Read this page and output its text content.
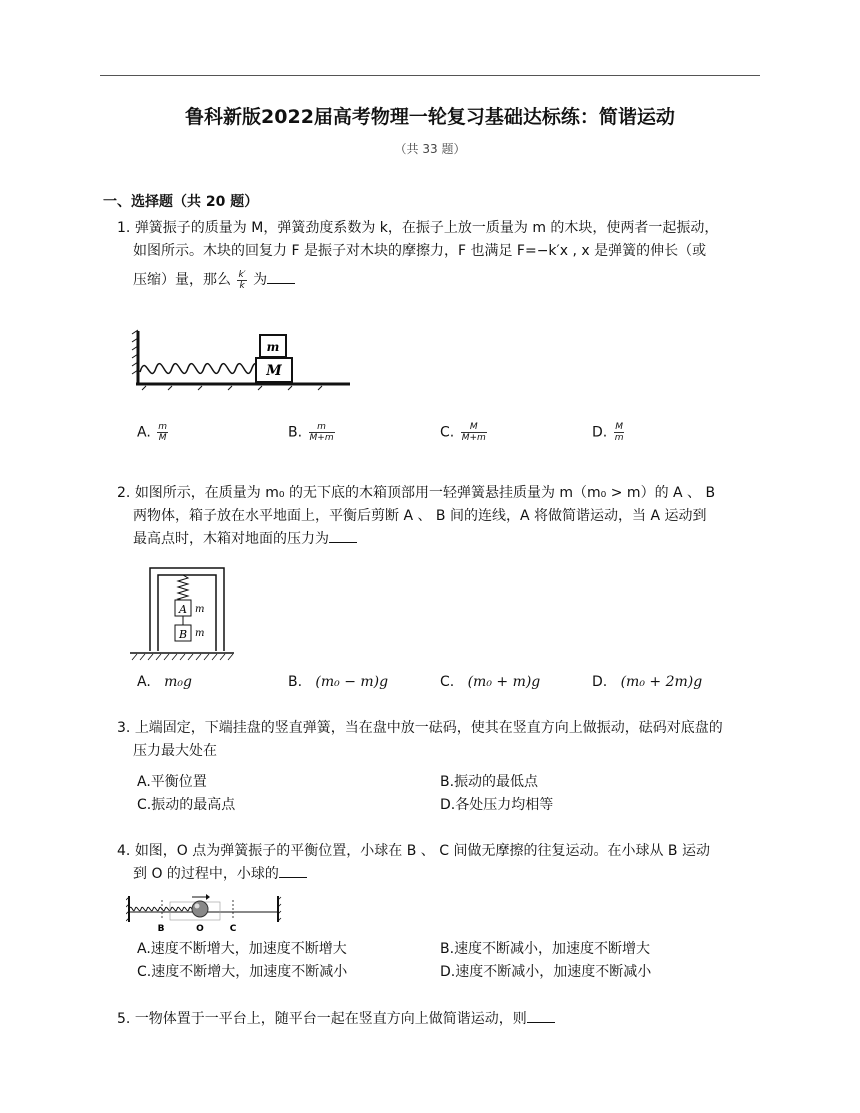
鲁科新版2022届高考物理一轮复习基础达标练：简谐运动
（共 33 题）
一、选择题（共 20 题）
1. 弹簧振子的质量为 M，弹簧劲度系数为 k，在振子上放一质量为 m 的木块，使两者一起振动，
如图所示。木块的回复力 F 是振子对木块的摩擦力，F 也满足 F=−k′x , x 是弹簧的伸长（或
压缩）量，那么 $\frac{k'}{k}$ 为
M
m
A. $\frac{m}{M}$	B. $\frac{m}{M+m}$	C. $\frac{M}{M+m}$	D. $\frac{M}{m}$
2. 如图所示，在质量为 m₀ 的无下底的木箱顶部用一轻弹簧悬挂质量为 m（m₀ > m）的 A 、 B
两物体，箱子放在水平地面上，平衡后剪断 A 、 B 间的连线，A 将做简谐运动，当 A 运动到
最高点时，木箱对地面的压力为
A
B
m
m
A. m₀g	B. (m₀ − m)g	C. (m₀ + m)g	D. (m₀ + 2m)g
3. 上端固定，下端挂盘的竖直弹簧，当在盘中放一砝码，使其在竖直方向上做振动，砝码对底盘的
压力最大处在
A.平衡位置	B.振动的最低点
C.振动的最高点	D.各处压力均相等
4. 如图，O 点为弹簧振子的平衡位置，小球在 B 、 C 间做无摩擦的往复运动。在小球从 B 运动
到 O 的过程中，小球的
B	O	C
A.速度不断增大，加速度不断增大	B.速度不断减小，加速度不断增大
C.速度不断增大，加速度不断减小	D.速度不断减小，加速度不断减小
5. 一物体置于一平台上，随平台一起在竖直方向上做简谐运动，则
